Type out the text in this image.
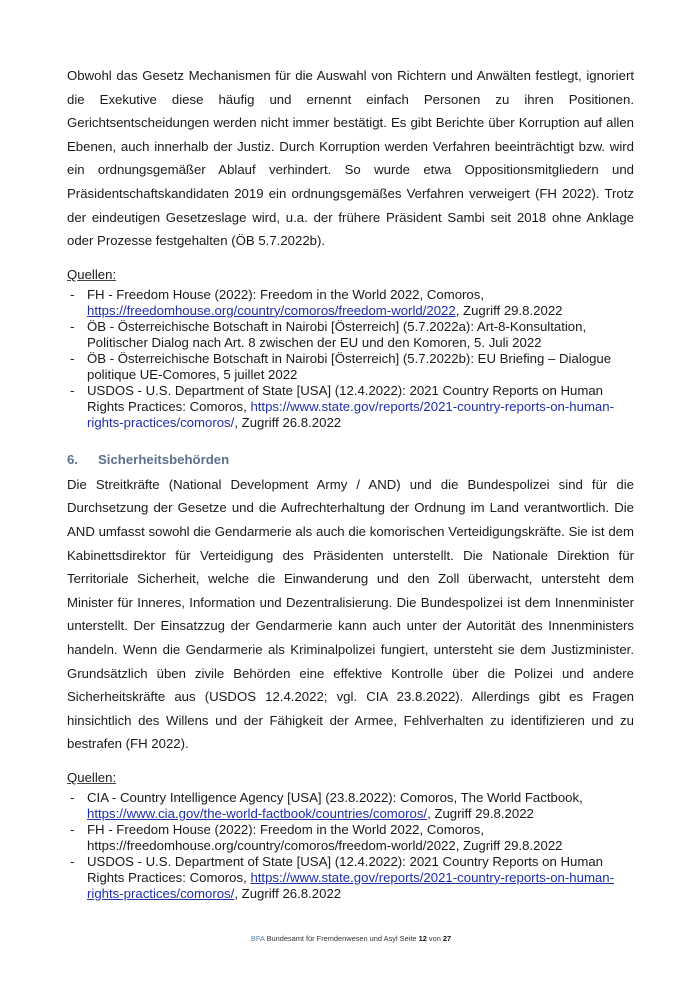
Obwohl das Gesetz Mechanismen für die Auswahl von Richtern und Anwälten festlegt, ignoriert die Exekutive diese häufig und ernennt einfach Personen zu ihren Positionen. Gerichtsentscheidungen werden nicht immer bestätigt. Es gibt Berichte über Korruption auf allen Ebenen, auch innerhalb der Justiz. Durch Korruption werden Verfahren beeinträchtigt bzw. wird ein ordnungsgemäßer Ablauf verhindert. So wurde etwa Oppositionsmitgliedern und Präsidentschaftskandidaten 2019 ein ordnungsgemäßes Verfahren verweigert (FH 2022). Trotz der eindeutigen Gesetzeslage wird, u.a. der frühere Präsident Sambi seit 2018 ohne Anklage oder Prozesse festgehalten (ÖB 5.7.2022b).

Quellen:
- FH - Freedom House (2022): Freedom in the World 2022, Comoros,
https://freedomhouse.org/country/comoros/freedom-world/2022, Zugriff 29.8.2022
- ÖB - Österreichische Botschaft in Nairobi [Österreich] (5.7.2022a): Art-8-Konsultation, Politischer Dialog nach Art. 8 zwischen der EU und den Komoren, 5. Juli 2022
- ÖB - Österreichische Botschaft in Nairobi [Österreich] (5.7.2022b): EU Briefing – Dialogue politique UE-Comores, 5 juillet 2022
- USDOS - U.S. Department of State [USA] (12.4.2022): 2021 Country Reports on Human Rights Practices: Comoros, https://www.state.gov/reports/2021-country-reports-on-human-rights-practices/comoros/, Zugriff 26.8.2022
6. Sicherheitsbehörden

Die Streitkräfte (National Development Army / AND) und die Bundespolizei sind für die Durchsetzung der Gesetze und die Aufrechterhaltung der Ordnung im Land verantwortlich. Die AND umfasst sowohl die Gendarmerie als auch die komorischen Verteidigungskräfte. Sie ist dem Kabinettsdirektor für Verteidigung des Präsidenten unterstellt. Die Nationale Direktion für Territoriale Sicherheit, welche die Einwanderung und den Zoll überwacht, untersteht dem Minister für Inneres, Information und Dezentralisierung. Die Bundespolizei ist dem Innenminister unterstellt. Der Einsatzzug der Gendarmerie kann auch unter der Autorität des Innenministers handeln. Wenn die Gendarmerie als Kriminalpolizei fungiert, untersteht sie dem Justizminister. Grundsätzlich üben zivile Behörden eine effektive Kontrolle über die Polizei und andere Sicherheitskräfte aus (USDOS 12.4.2022; vgl. CIA 23.8.2022). Allerdings gibt es Fragen hinsichtlich des Willens und der Fähigkeit der Armee, Fehlverhalten zu identifizieren und zu bestrafen (FH 2022).

Quellen:
- CIA - Country Intelligence Agency [USA] (23.8.2022): Comoros, The World Factbook,
https://www.cia.gov/the-world-factbook/countries/comoros/, Zugriff 29.8.2022
- FH - Freedom House (2022): Freedom in the World 2022, Comoros,
https://freedomhouse.org/country/comoros/freedom-world/2022, Zugriff 29.8.2022
- USDOS - U.S. Department of State [USA] (12.4.2022): 2021 Country Reports on Human Rights Practices: Comoros, https://www.state.gov/reports/2021-country-reports-on-human-rights-practices/comoros/, Zugriff 26.8.2022
.BFA Bundesamt für Fremdenwesen und Asyl Seite 12 von 27
